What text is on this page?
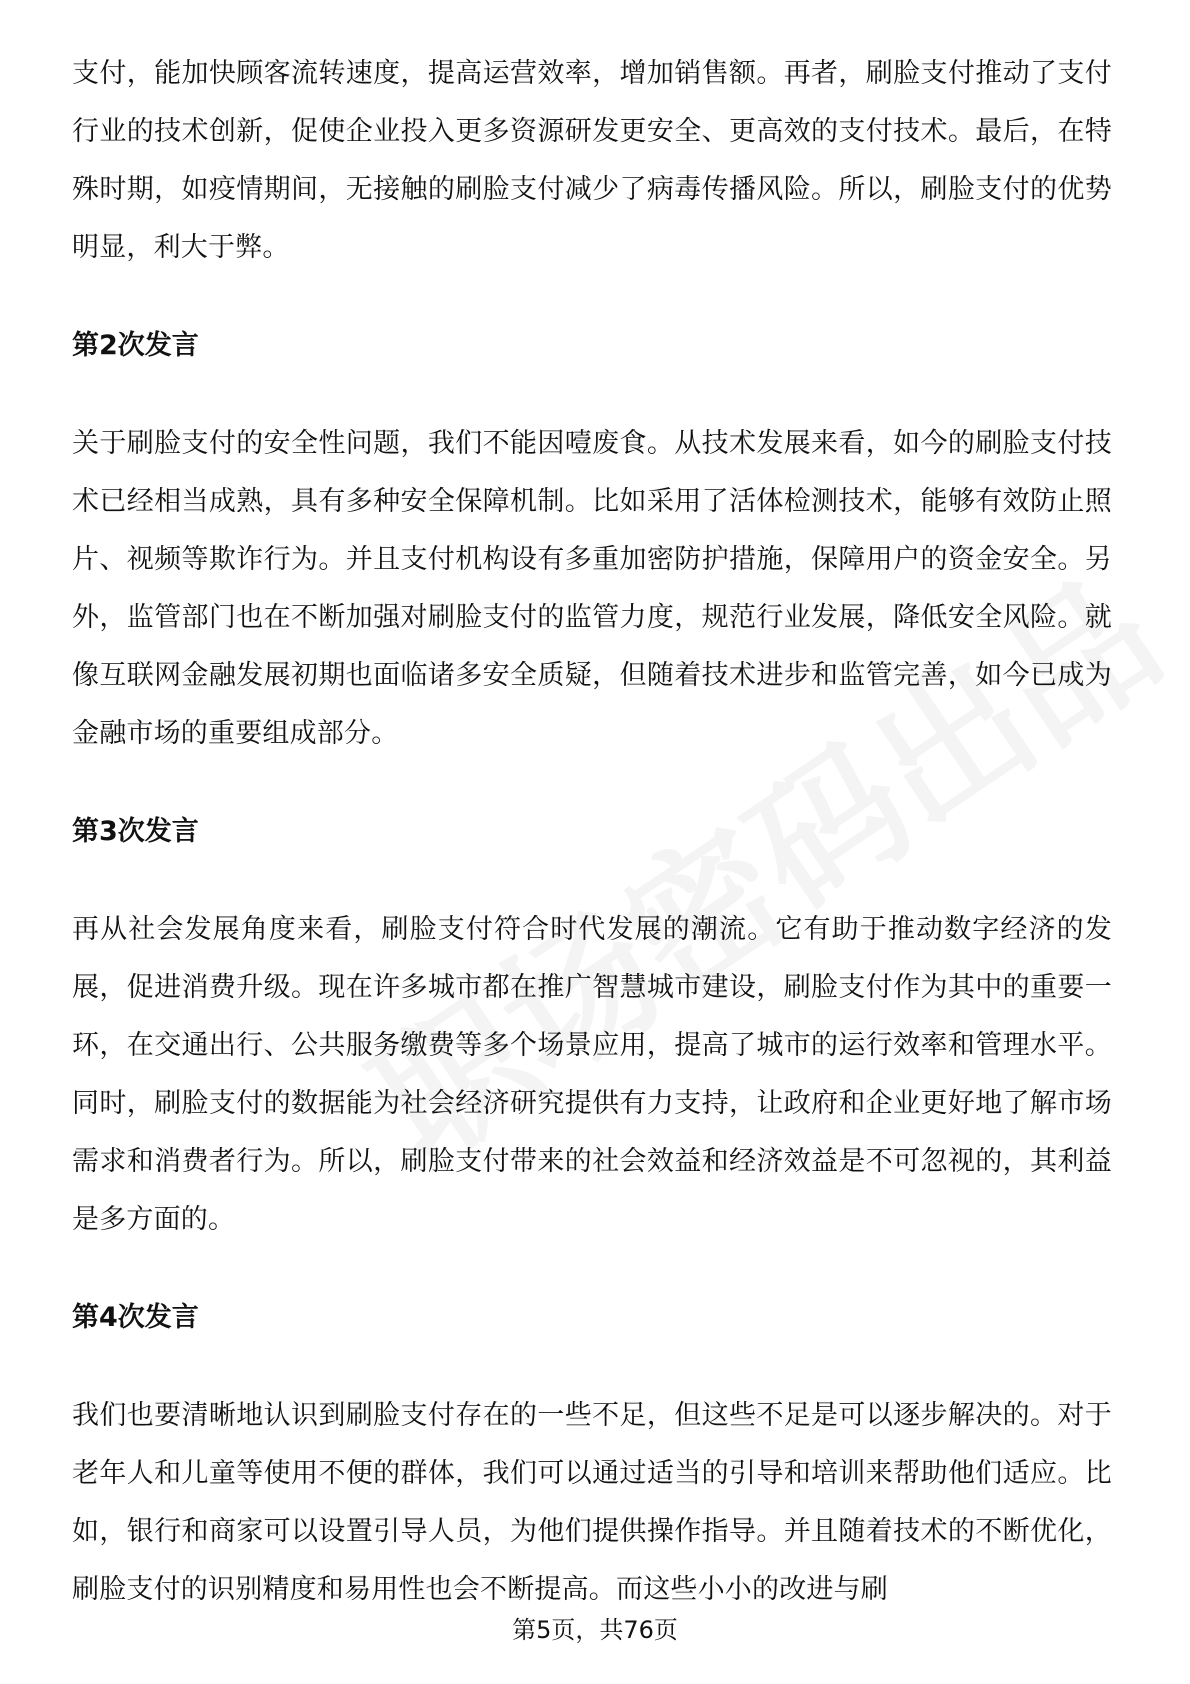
支付，能加快顾客流转速度，提高运营效率，增加销售额。再者，刷脸支付推动了支付行业的技术创新，促使企业投入更多资源研发更安全、更高效的支付技术。最后，在特殊时期，如疫情期间，无接触的刷脸支付减少了病毒传播风险。所以，刷脸支付的优势明显，利大于弊。

第2次发言

关于刷脸支付的安全性问题，我们不能因噎废食。从技术发展来看，如今的刷脸支付技术已经相当成熟，具有多种安全保障机制。比如采用了活体检测技术，能够有效防止照片、视频等欺诈行为。并且支付机构设有多重加密防护措施，保障用户的资金安全。另外，监管部门也在不断加强对刷脸支付的监管力度，规范行业发展，降低安全风险。就像互联网金融发展初期也面临诸多安全质疑，但随着技术进步和监管完善，如今已成为金融市场的重要组成部分。

第3次发言

再从社会发展角度来看，刷脸支付符合时代发展的潮流。它有助于推动数字经济的发展，促进消费升级。现在许多城市都在推广智慧城市建设，刷脸支付作为其中的重要一环，在交通出行、公共服务缴费等多个场景应用，提高了城市的运行效率和管理水平。同时，刷脸支付的数据能为社会经济研究提供有力支持，让政府和企业更好地了解市场需求和消费者行为。所以，刷脸支付带来的社会效益和经济效益是不可忽视的，其利益是多方面的。

第4次发言

我们也要清晰地认识到刷脸支付存在的一些不足，但这些不足是可以逐步解决的。对于老年人和儿童等使用不便的群体，我们可以通过适当的引导和培训来帮助他们适应。比如，银行和商家可以设置引导人员，为他们提供操作指导。并且随着技术的不断优化，刷脸支付的识别精度和易用性也会不断提高。而这些小小的改进与刷

第5页，共76页
